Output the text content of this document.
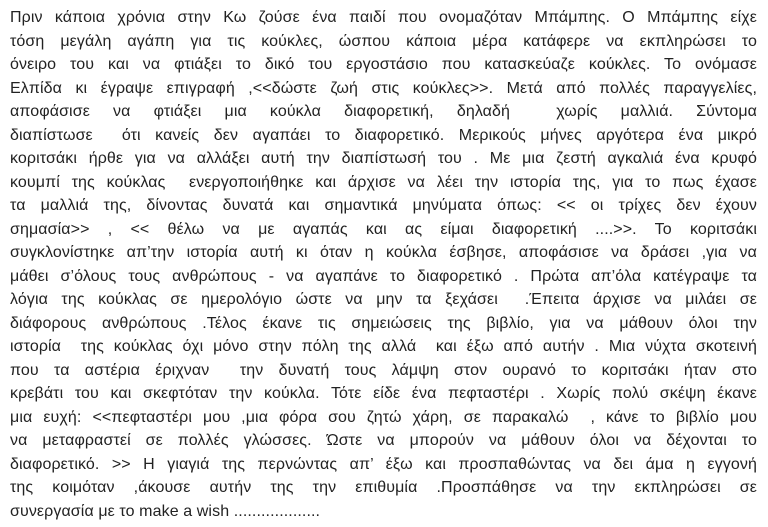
Πριν κάποια χρόνια στην Κω ζούσε ένα παιδί που ονομαζόταν Μπάμπης. Ο Μπάμπης είχε
τόση μεγάλη αγάπη για τις κούκλες, ώσπου κάποια μέρα κατάφερε να εκπληρώσει το
όνειρο του και να φτιάξει το δικό του εργοστάσιο που κατασκεύαζε κούκλες. Το ονόμασε
Ελπίδα κι έγραψε επιγραφή ,<<δώστε ζωή στις κούκλες>>. Μετά από πολλές παραγγελίες,
αποφάσισε να φτιάξει μια κούκλα διαφορετική, δηλαδή  χωρίς μαλλιά. Σύντομα
διαπίστωσε  ότι κανείς δεν αγαπάει το διαφορετικό. Μερικούς μήνες αργότερα ένα μικρό
κοριτσάκι ήρθε για να αλλάξει αυτή την διαπίστωσή του . Με μια ζεστή αγκαλιά ένα κρυφό
κουμπί της κούκλας  ενεργοποιήθηκε και άρχισε να λέει την ιστορία της, για το πως έχασε
τα μαλλιά της, δίνοντας δυνατά και σημαντικά μηνύματα όπως: << οι τρίχες δεν έχουν
σημασία>> , << θέλω να με αγαπάς και ας είμαι διαφορετική ....>>. Το κοριτσάκι
συγκλονίστηκε απ’την ιστορία αυτή κι όταν η κούκλα έσβησε, αποφάσισε να δράσει ,για να
μάθει σ’όλους τους ανθρώπους - να αγαπάνε το διαφορετικό . Πρώτα απ’όλα κατέγραψε τα
λόγια της κούκλας σε ημερολόγιο ώστε να μην τα ξεχάσει  .Έπειτα άρχισε να μιλάει σε
διάφορους ανθρώπους .Τέλος έκανε τις σημειώσεις της βιβλίο, για να μάθουν όλοι την
ιστορία  της κούκλας όχι μόνο στην πόλη της αλλά  και έξω από αυτήν . Μια νύχτα σκοτεινή
που τα αστέρια έριχναν  την δυνατή τους λάμψη στον ουρανό το κοριτσάκι ήταν στο
κρεβάτι του και σκεφτόταν την κούκλα. Τότε είδε ένα πεφταστέρι . Χωρίς πολύ σκέψη έκανε
μια ευχή: <<πεφταστέρι μου ,μια φόρα σου ζητώ χάρη, σε παρακαλώ  , κάνε το βιβλίο μου
να μεταφραστεί σε πολλές γλώσσες. Ώστε να μπορούν να μάθουν όλοι να δέχονται το
διαφορετικό. >> Η γιαγιά της περνώντας απ’ έξω και προσπαθώντας να δει άμα η εγγονή
της κοιμόταν ,άκουσε αυτήν της την επιθυμία .Προσπάθησε να την εκπληρώσει σε
συνεργασία με το make a wish ...................
